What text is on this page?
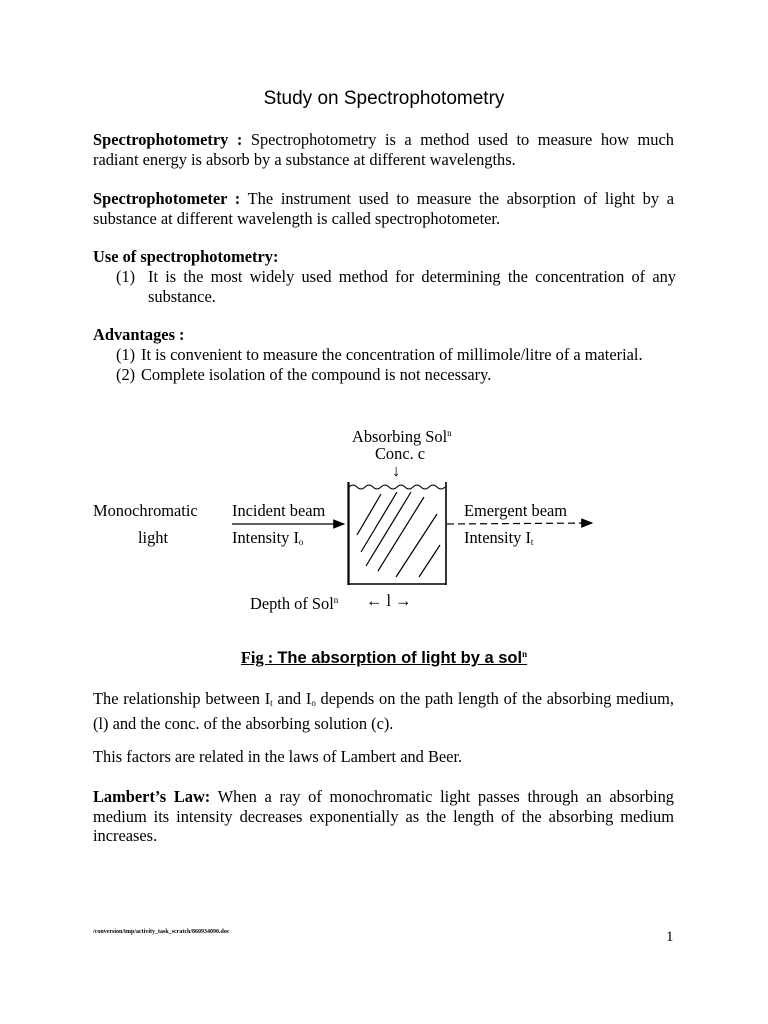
Study on Spectrophotometry
Spectrophotometry : Spectrophotometry is a method used to measure how much radiant energy is absorb by a substance at different wavelengths.
Spectrophotometer : The instrument used to measure the absorption of light by a substance at different wavelength is called spectrophotometer.
Use of spectrophotometry:
(1) It is the most widely used method for determining the concentration of any substance.
Advantages :
(1) It is convenient to measure the concentration of millimole/litre of a material.
(2) Complete isolation of the compound is not necessary.
Absorbing Sol$^n$
Conc. c
↓
Monochromatic
light
Incident beam
Intensity $I_o$
Emergent beam
Intensity $I_t$
Depth of Sol$^n$ ← l →
Fig : The absorption of light by a sol$^n$
The relationship between $I_t$ and $I_o$ depends on the path length of the absorbing medium, (l) and the conc. of the absorbing solution (c).
This factors are related in the laws of Lambert and Beer.
Lambert’s Law: When a ray of monochromatic light passes through an absorbing medium its intensity decreases exponentially as the length of the absorbing medium increases.
/conversion/tmp/activity_task_scratch/860934090.doc	1
